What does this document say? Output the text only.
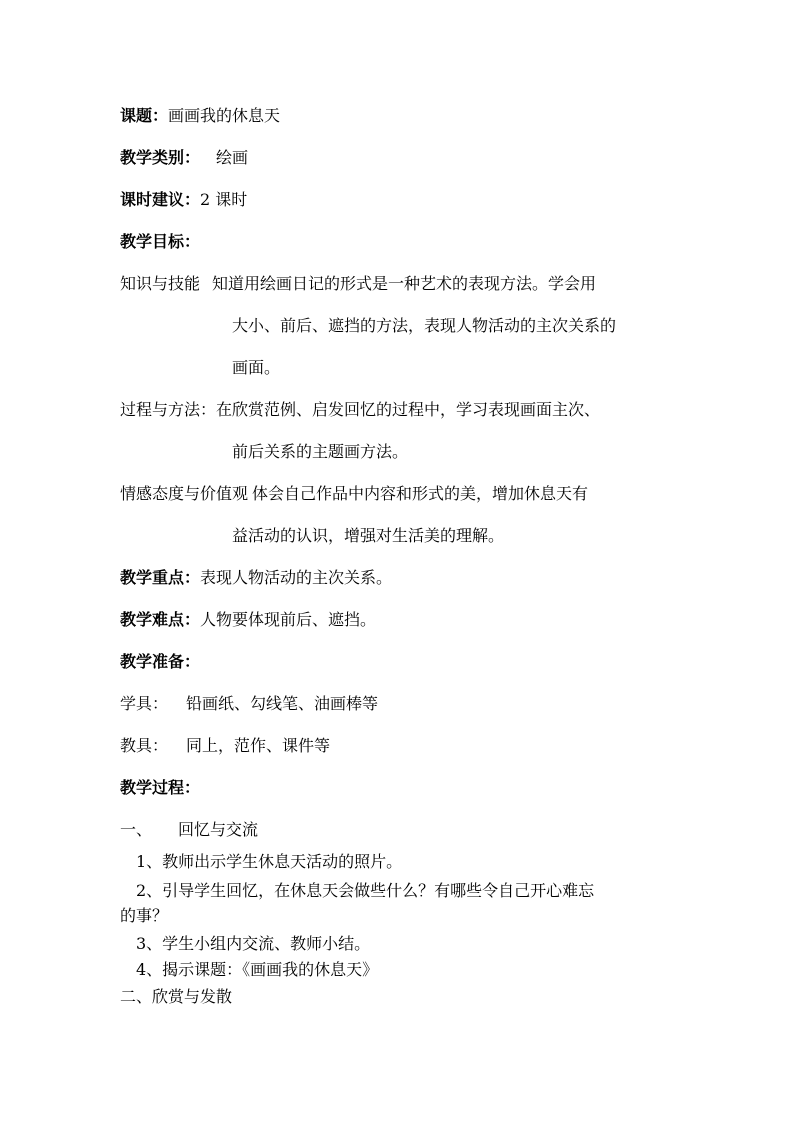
课题：画画我的休息天
教学类别： 绘画
课时建议：2 课时
教学目标：
知识与技能 知道用绘画日记的形式是一种艺术的表现方法。学会用
大小、前后、遮挡的方法，表现人物活动的主次关系的
画面。
过程与方法：在欣赏范例、启发回忆的过程中，学习表现画面主次、
前后关系的主题画方法。
情感态度与价值观 体会自己作品中内容和形式的美，增加休息天有
益活动的认识，增强对生活美的理解。
教学重点：表现人物活动的主次关系。
教学难点：人物要体现前后、遮挡。
教学准备：
学具： 铅画纸、勾线笔、油画棒等
教具： 同上，范作、课件等
教学过程：
一、 回忆与交流
1、教师出示学生休息天活动的照片。
2、引导学生回忆，在休息天会做些什么？有哪些令自己开心难忘
的事？
3、学生小组内交流、教师小结。
4、揭示课题：《画画我的休息天》
二、欣赏与发散
